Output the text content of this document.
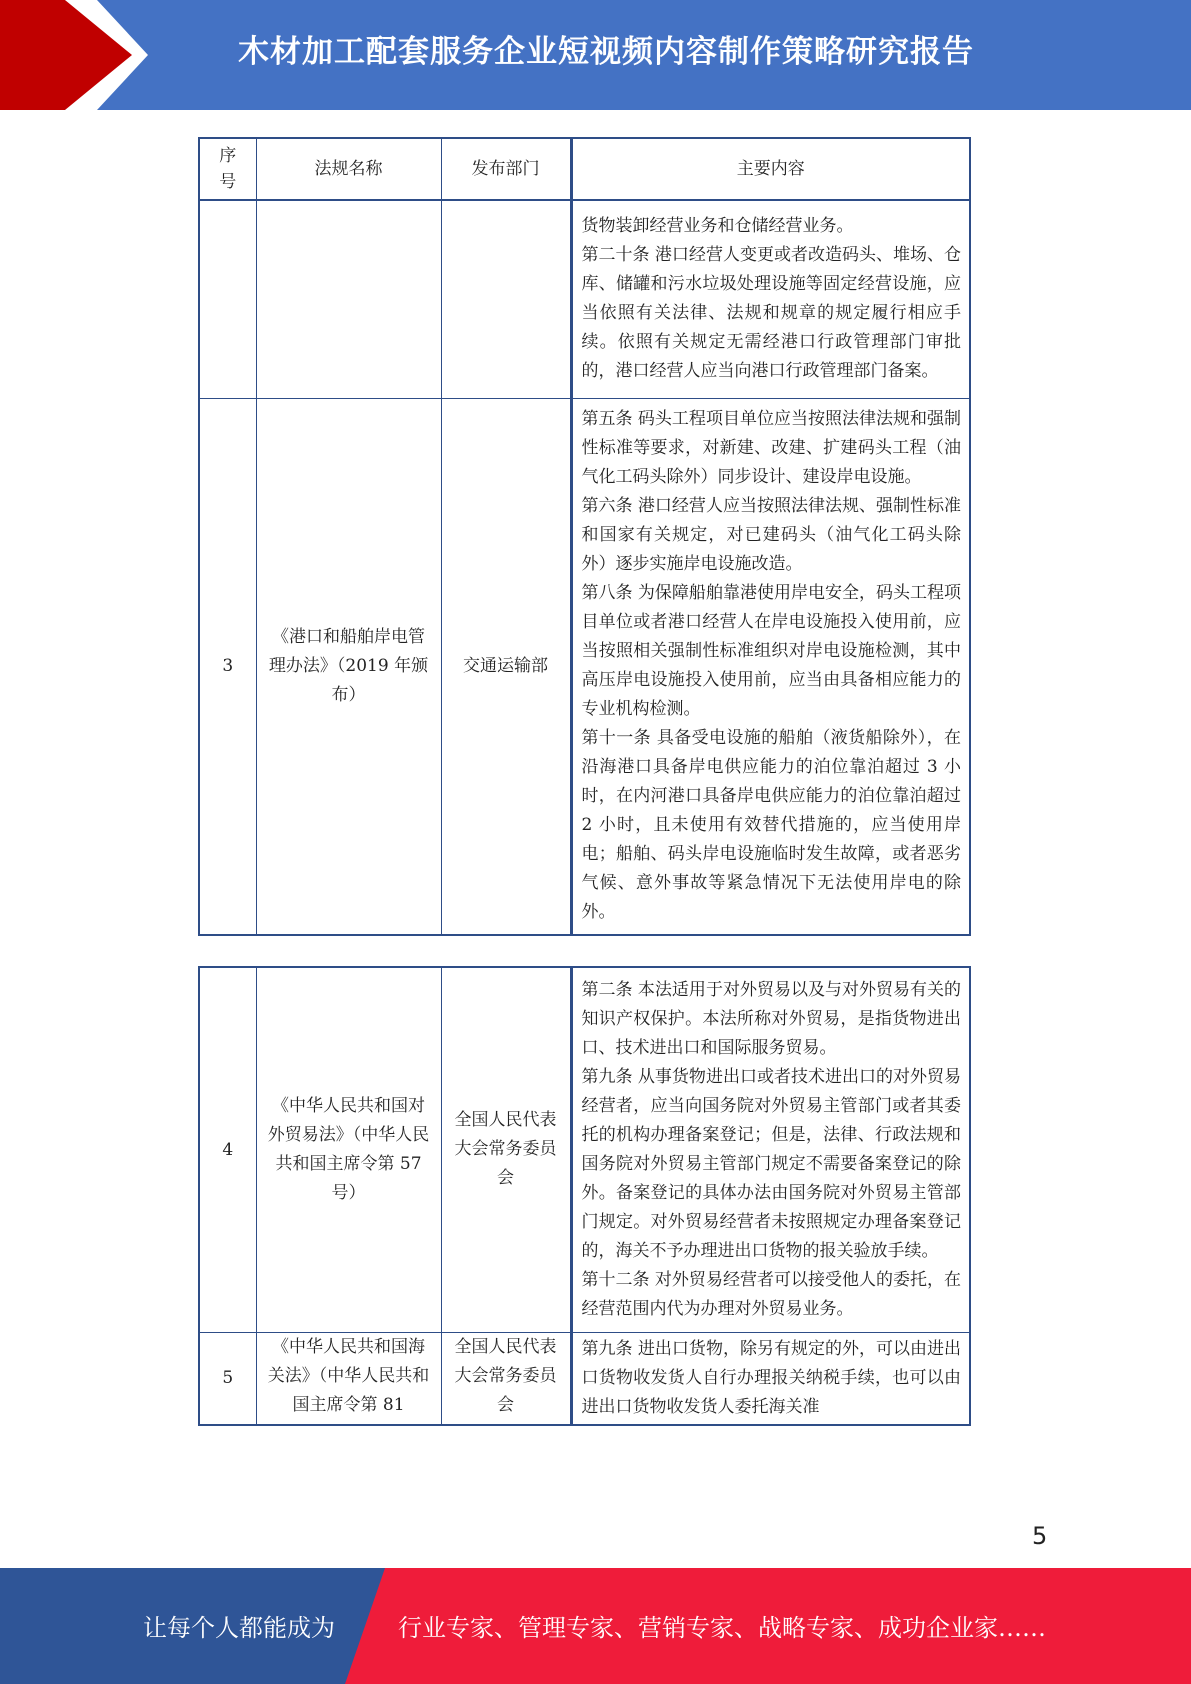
木材加工配套服务企业短视频内容制作策略研究报告
序号	法规名称	发布部门	主要内容

			货物装卸经营业务和仓储经营业务。
第二十条 港口经营人变更或者改造码头、堆场、仓库、储罐和污水垃圾处理设施等固定经营设施，应当依照有关法律、法规和规章的规定履行相应手续。依照有关规定无需经港口行政管理部门审批的，港口经营人应当向港口行政管理部门备案。

3	《港口和船舶岸电管理办法》（2019 年颁布）	交通运输部	第五条 码头工程项目单位应当按照法律法规和强制性标准等要求，对新建、改建、扩建码头工程（油气化工码头除外）同步设计、建设岸电设施。
第六条 港口经营人应当按照法律法规、强制性标准和国家有关规定，对已建码头（油气化工码头除外）逐步实施岸电设施改造。
第八条 为保障船舶靠港使用岸电安全，码头工程项目单位或者港口经营人在岸电设施投入使用前，应当按照相关强制性标准组织对岸电设施检测，其中高压岸电设施投入使用前，应当由具备相应能力的专业机构检测。
第十一条 具备受电设施的船舶（液货船除外），在沿海港口具备岸电供应能力的泊位靠泊超过 3 小时，在内河港口具备岸电供应能力的泊位靠泊超过 2 小时，且未使用有效替代措施的，应当使用岸电；船舶、码头岸电设施临时发生故障，或者恶劣气候、意外事故等紧急情况下无法使用岸电的除外。
4	《中华人民共和国对外贸易法》（中华人民共和国主席令第 57 号）	全国人民代表大会常务委员会	第二条 本法适用于对外贸易以及与对外贸易有关的知识产权保护。本法所称对外贸易，是指货物进出口、技术进出口和国际服务贸易。
第九条 从事货物进出口或者技术进出口的对外贸易经营者，应当向国务院对外贸易主管部门或者其委托的机构办理备案登记；但是，法律、行政法规和国务院对外贸易主管部门规定不需要备案登记的除外。备案登记的具体办法由国务院对外贸易主管部门规定。对外贸易经营者未按照规定办理备案登记的，海关不予办理进出口货物的报关验放手续。
第十二条 对外贸易经营者可以接受他人的委托，在经营范围内代为办理对外贸易业务。

5	《中华人民共和国海关法》（中华人民共和国主席令第 81	全国人民代表大会常务委员会	第九条 进出口货物，除另有规定的外，可以由进出口货物收发货人自行办理报关纳税手续，也可以由进出口货物收发货人委托海关准
5
让每个人都能成为	行业专家、管理专家、营销专家、战略专家、成功企业家……
